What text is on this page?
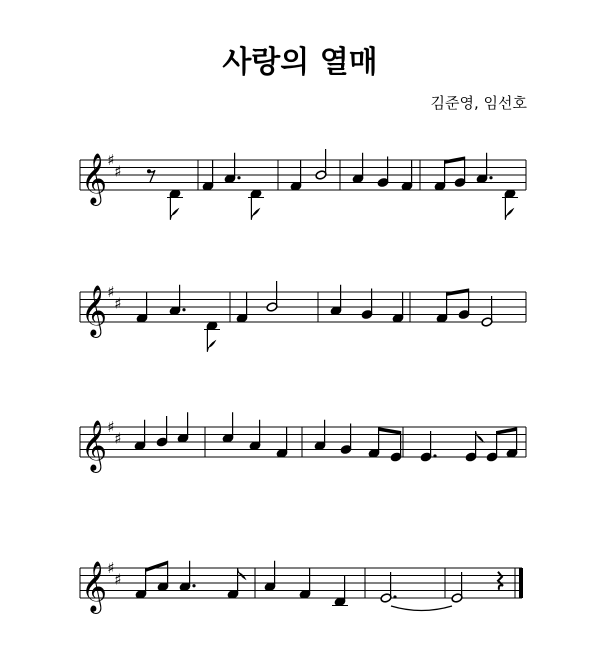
사랑의 열매
김준영, 임선호
𝄞 ♯
♯
𝄞 ♯
♯
𝄞 ♯
♯
𝄞 ♯
♯
